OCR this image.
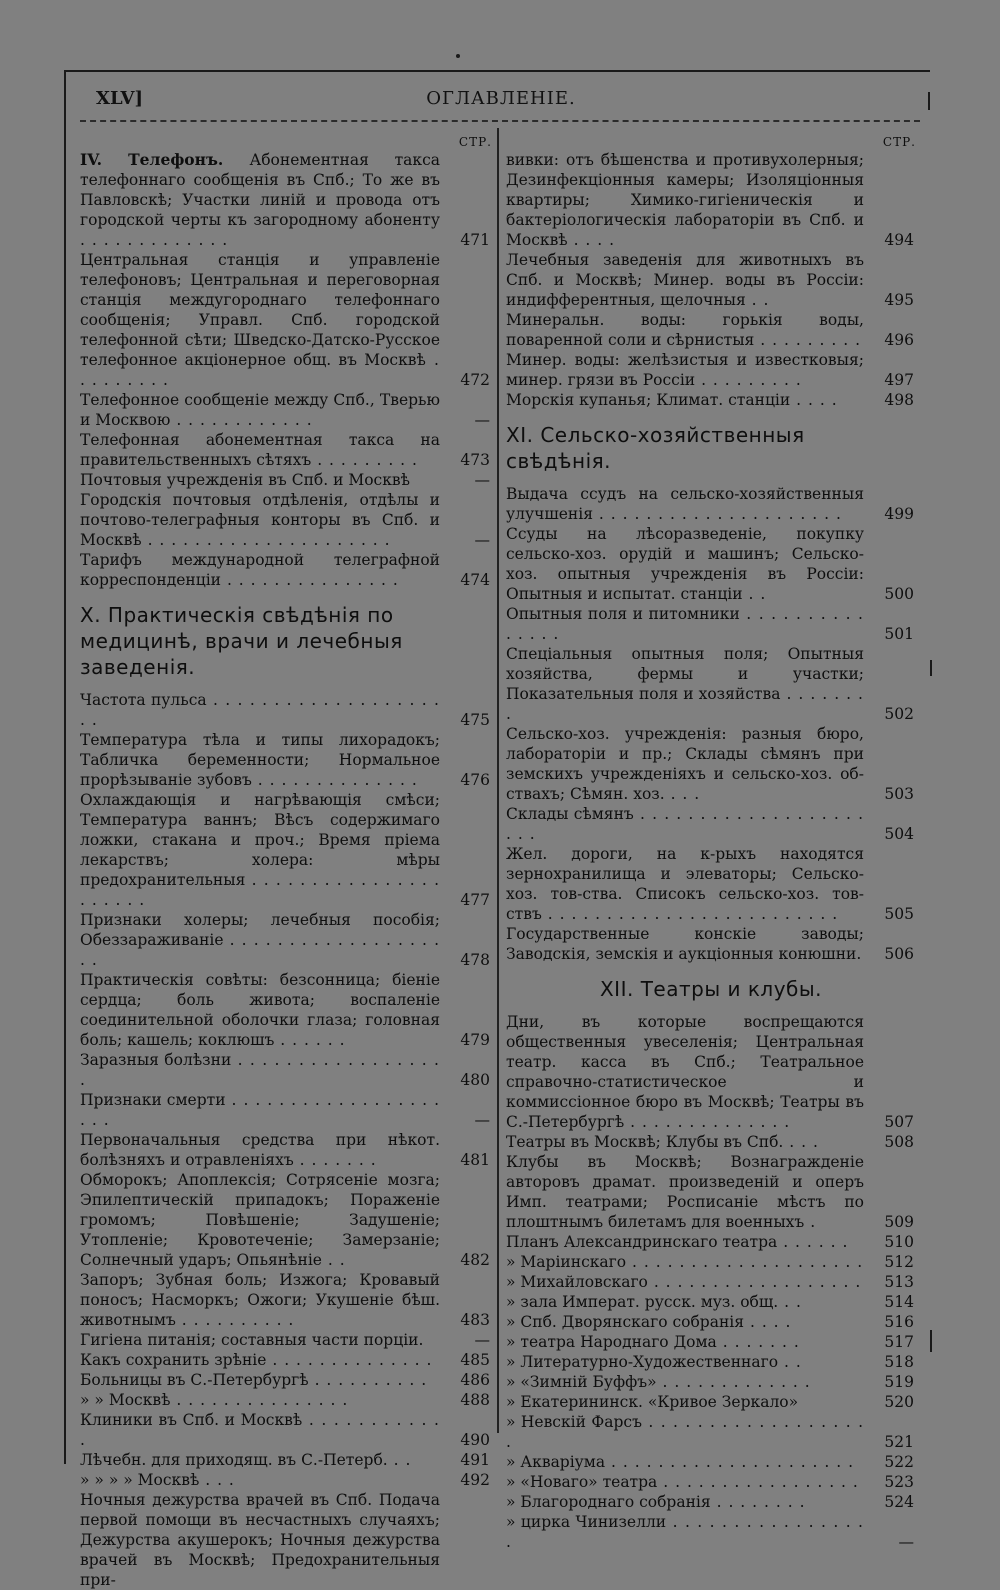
XLV]	ОГЛАВЛЕНІЕ.
СТР.

IV. Телефонъ. Абонементная такса телефоннаго сообщенія въ Спб.; То же въ Павловскѣ; Участки линій и провода отъ городской черты къ загородному абоненту . . . . . . . . . . . . .	471

Центральная станція и управленіе телефоновъ; Центральная и переговорная станція междугороднаго телефоннаго сообщенія; Управл. Спб. городской телефонной сѣти; Шведско-Датско-Русское телефонное акціонерное общ. въ Москвѣ . . . . . . . . .	472

Телефонное сообщеніе между Спб., Тверью и Москвою . . . . . . . . . . . .	—

Телефонная абонементная такса на правительственныхъ сѣтяхъ . . . . . . . . .	473

Почтовыя учрежденія въ Спб. и Москвѣ	—

Городскія почтовыя отдѣленія, отдѣлы и почтово-телеграфныя конторы въ Спб. и Москвѣ . . . . . . . . . . . . . . . . . . . . .	—

Тарифъ международной телеграфной корреспонденціи . . . . . . . . . . . . . . .	474

X. Практическія свѣдѣнія по медицинѣ, врачи и лечебныя заведенія.

Частота пульса . . . . . . . . . . . . . . . . . . . . .	475

Температура тѣла и типы лихорадокъ; Табличка беременности; Нормальное прорѣзываніе зубовъ . . . . . . . . . . . . . .	476

Охлаждающія и нагрѣвающія смѣси; Температура ваннъ; Вѣсъ содержимаго ложки, стакана и проч.; Время пріема лекарствъ; холера: мѣры предохранительныя . . . . . . . . . . . . . . . . . . . . . .	477

Признаки холеры; лечебныя пособія; Обеззараживаніе . . . . . . . . . . . . . . . . . . . .	478

Практическія совѣты: безсонница; біеніе сердца; боль живота; воспаленіе соединительной оболочки глаза; головная боль; кашель; коклюшъ . . . . . .	479

Заразныя болѣзни . . . . . . . . . . . . . . . . . .	480

Признаки смерти . . . . . . . . . . . . . . . . . . . . .	—

Первоначальныя средства при нѣкот. болѣзняхъ и отравленіяхъ . . . . . . .	481

Обморокъ; Апоплексія; Сотрясеніе мозга; Эпилептическій припадокъ; Пораженіе громомъ; Повѣшеніе; Задушеніе; Утопленіе; Кровотеченіе; Замерзаніе; Солнечный ударъ; Опьянѣніе . .	482

Запоръ; Зубная боль; Изжога; Кровавый поносъ; Насморкъ; Ожоги; Укушеніе бѣш. животнымъ . . . . . . . . . .	483

Гигіена питанія; составныя части порціи.	—

Какъ сохранить зрѣніе . . . . . . . . . . . . . .	485

Больницы въ С.-Петербургѣ . . . . . . . . . .	486

» » Москвѣ . . . . . . . . . . . . . . .	488

Клиники въ Спб. и Москвѣ . . . . . . . . . . . .	490

Лѣчебн. для приходящ. въ С.-Петерб. . .	491

» » » » Москвѣ . . .	492

Ночныя дежурства врачей въ Спб. Подача первой помощи въ несчастныхъ случаяхъ; Дежурства акушерокъ; Ночныя дежурства врачей въ Москвѣ; Предохранительныя при-

СТР.

вивки: отъ бѣшенства и противухолерныя; Дезинфекціонныя камеры; Изоляціонныя квартиры; Химико-гигіеническія и бактеріологическія лабораторіи въ Спб. и Москвѣ . . . .	494

Лечебныя заведенія для животныхъ въ Спб. и Москвѣ; Минер. воды въ Россіи: индифферентныя, щелочныя . .	495

Минеральн. воды: горькія воды, поваренной соли и сѣрнистыя . . . . . . . . .	496

Минер. воды: желѣзистыя и известковыя; минер. грязи въ Россіи . . . . . . . . .	497

Морскія купанья; Климат. станціи . . . .	498

XI. Сельско-хозяйственныя свѣдѣнія.

Выдача ссудъ на сельско-хозяйственныя улучшенія . . . . . . . . . . . . . . . . . . . . .	499

Ссуды на лѣсоразведеніе, покупку сельско-хоз. орудій и машинъ; Сельско-хоз. опытныя учрежденія въ Россіи: Опытныя и испытат. станціи . .	500

Опытныя поля и питомники . . . . . . . . . . . . . . .	501

Спеціальныя опытныя поля; Опытныя хозяйства, фермы и участки; Показательныя поля и хозяйства . . . . . . . .	502

Сельско-хоз. учрежденія: разныя бюро, лабораторіи и пр.; Склады сѣмянъ при земскихъ учрежденіяхъ и сельско-хоз. об-ствахъ; Сѣмян. хоз. . . .	503

Склады сѣмянъ . . . . . . . . . . . . . . . . . . . . . .	504

Жел. дороги, на к-рыхъ находятся зернохранилища и элеваторы; Сельско-хоз. тов-ства. Списокъ сельско-хоз. тов-ствъ . . . . . . . . . . . . . . . . . . . . . . . . .	505

Государственные конскіе заводы; Заводскія, земскія и аукціонныя конюшни.	506

XII. Театры и клубы.

Дни, въ которые воспрещаются общественныя увеселенія; Центральная театр. касса въ Спб.; Театральное справочно-статистическое и коммиссіонное бюро въ Москвѣ; Театры въ С.-Петербургѣ . . . . . . . . . . . . . .	507

Театры въ Москвѣ; Клубы въ Спб. . . .	508

Клубы въ Москвѣ; Вознагражденіе авторовъ драмат. произведеній и оперъ Имп. театрами; Росписаніе мѣстъ по плоштнымъ билетамъ для военныхъ .	509

Планъ Александринскаго театра . . . . . .	510

» Маріинскаго . . . . . . . . . . . . . . . . . . . .	512

» Михайловскаго . . . . . . . . . . . . . . . . . .	513

» зала Императ. русск. муз. общ. . .	514

» Спб. Дворянскаго собранія . . . .	516

» театра Народнаго Дома . . . . . . .	517

» Литературно-Художественнаго . .	518

» «Зимній Буффъ» . . . . . . . . . . . . .	519

» Екатерининск. «Кривое Зеркало»	520

» Невскій Фарсъ . . . . . . . . . . . . . . . . . . .	521

» Акваріума . . . . . . . . . . . . . . . . . . . . .	522

» «Новаго» театра . . . . . . . . . . . . . . . . .	523

» Благороднаго собранія . . . . . . . .	524

» цирка Чинизелли . . . . . . . . . . . . . . . . .	—
